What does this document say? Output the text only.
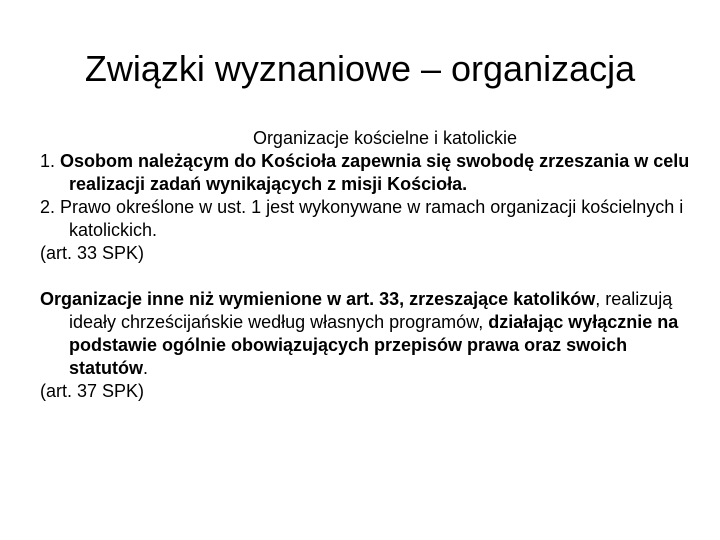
Związki wyznaniowe – organizacja

Organizacje kościelne i katolickie

1. Osobom należącym do Kościoła zapewnia się swobodę zrzeszania w celu realizacji zadań wynikających z misji Kościoła.

2. Prawo określone w ust. 1 jest wykonywane w ramach organizacji kościelnych i katolickich.

(art. 33 SPK)

Organizacje inne niż wymienione w art. 33, zrzeszające katolików, realizują ideały chrześcijańskie według własnych programów, działając wyłącznie na podstawie ogólnie obowiązujących przepisów prawa oraz swoich statutów.

(art. 37 SPK)
